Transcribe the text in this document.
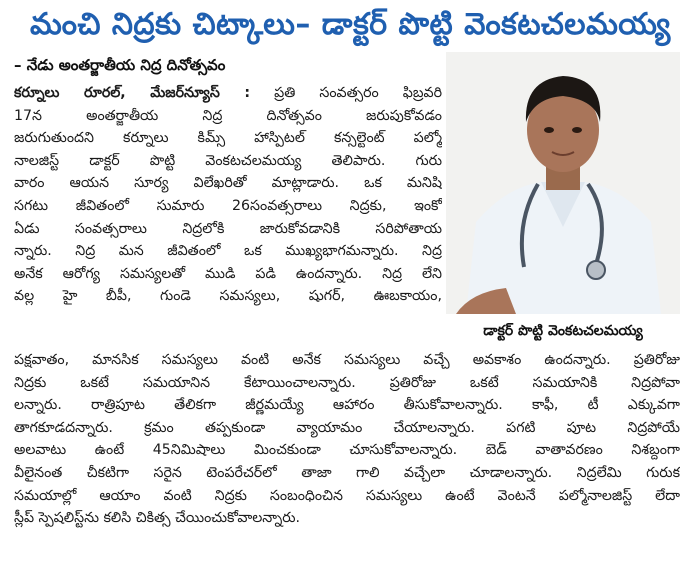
మంచి నిద్రకు చిట్కాలు– డాక్టర్ పొట్టి వెంకటచలమయ్య
– నేడు అంతర్జాతీయ నిద్ర దినోత్సవం
డాక్టర్ పొట్టి వెంకటచలమయ్య
కర్నూలు రూరల్, మేజర్‌న్యూస్ : ప్రతి సంవత్సరం ఫిబ్రవరి
17న అంతర్జాతీయ నిద్ర దినోత్సవం జరుపుకోవడం
జరుగుతుందని కర్నూలు కిమ్స్ హాస్పిటల్ కన్సల్టెంట్ పల్మో
నాలజిస్ట్ డాక్టర్ పొట్టి వెంకటచలమయ్య తెలిపారు. గురు
వారం ఆయన సూర్య విలేఖరితో మాట్లాడారు. ఒక మనిషి
సగటు జీవితంలో సుమారు 26సంవత్సరాలు నిద్రకు, ఇంకో
ఏడు సంవత్సరాలు నిద్రలోకి జారుకోవడానికి సరిపోతాయ
న్నారు. నిద్ర మన జీవితంలో ఒక ముఖ్యభాగమన్నారు. నిద్ర
అనేక ఆరోగ్య సమస్యలతో ముడి పడి ఉందన్నారు. నిద్ర లేని
వల్ల హై బీపీ, గుండె సమస్యలు, షుగర్, ఊబకాయం,
పక్షవాతం, మానసిక సమస్యలు వంటి అనేక సమస్యలు వచ్చే అవకాశం ఉందన్నారు. ప్రతిరోజు
నిద్రకు ఒకటే సమయానిన కేటాయించాలన్నారు. ప్రతిరోజు ఒకటే సమయానికి నిద్రపోవా
లన్నారు. రాత్రిపూట తేలికగా జీర్ణమయ్యే ఆహారం తీసుకోవాలన్నారు. కాఫీ, టీ ఎక్కువగా
తాగకూడదన్నారు. క్రమం తప్పకుండా వ్యాయామం చేయాలన్నారు. పగటి పూట నిద్రపోయే
అలవాటు ఉంటే 45నిమిషాలు మించకుండా చూసుకోవాలన్నారు. బెడ్ వాతావరణం నిశబ్దంగా
వీలైనంత చీకటిగా సరైన టెంపరేచర్‌లో తాజా గాలి వచ్చేలా చూడాలన్నారు. నిద్రలేమి గురుక
సమయాల్లో ఆయాం వంటి నిద్రకు సంబంధించిన సమస్యలు ఉంటే వెంటనే పల్మోనాలజిస్ట్ లేదా
స్లీప్ స్పెషలిస్ట్‌ను కలిసి చికిత్స చేయించుకోవాలన్నారు.
